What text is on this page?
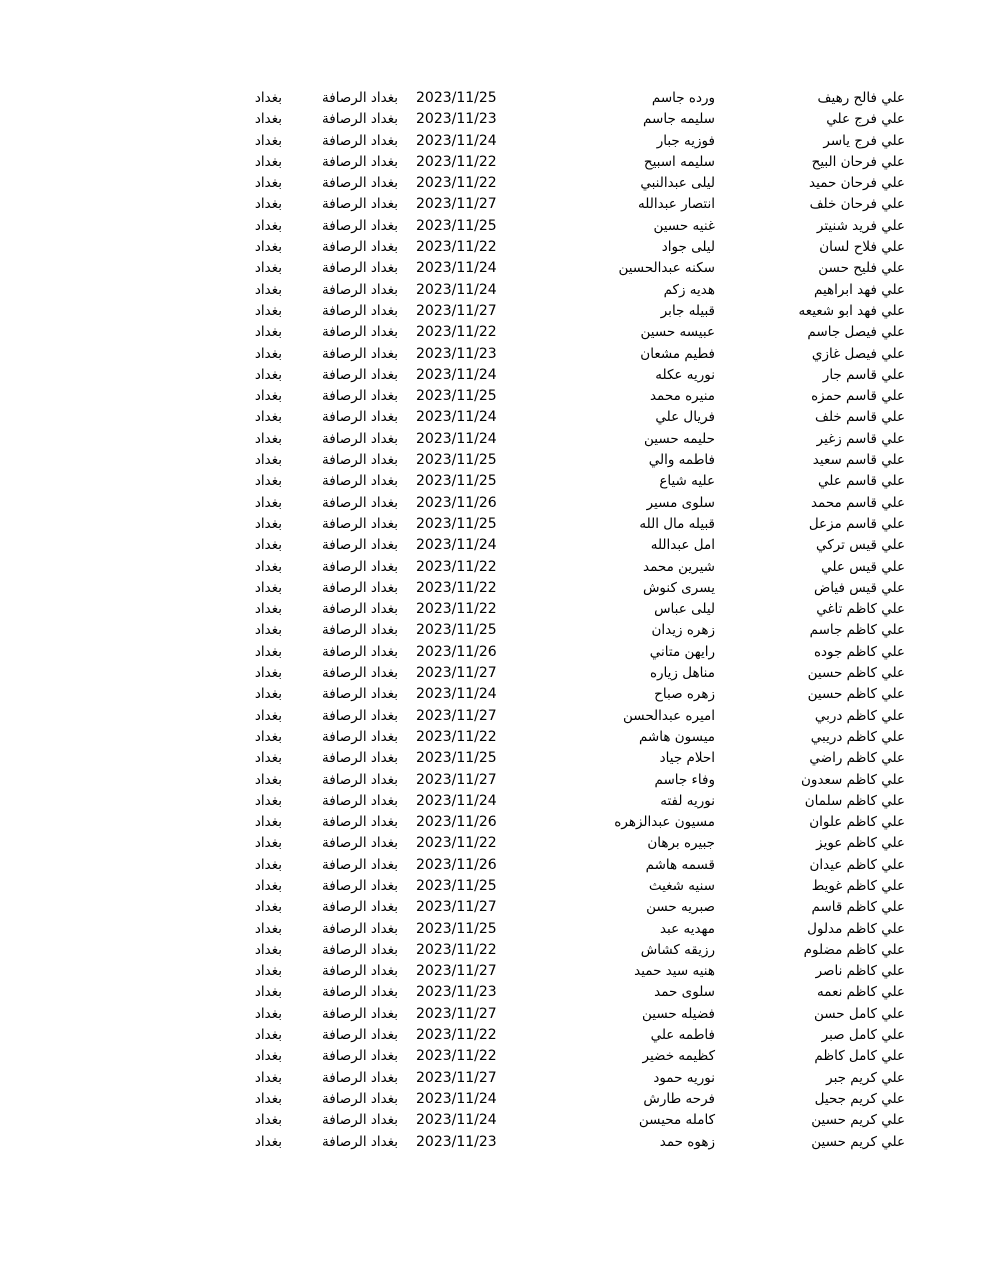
علي فالح رهيف
ورده جاسم
2023/11/25
بغداد الرصافة
بغداد
علي فرج علي
سليمه جاسم
2023/11/23
بغداد الرصافة
بغداد
علي فرج ياسر
فوزيه جبار
2023/11/24
بغداد الرصافة
بغداد
علي فرحان البيح
سليمه اسبيح
2023/11/22
بغداد الرصافة
بغداد
علي فرحان حميد
ليلى عبدالنبي
2023/11/22
بغداد الرصافة
بغداد
علي فرحان خلف
انتصار عبدالله
2023/11/27
بغداد الرصافة
بغداد
علي فريد شنيتر
غنيه حسين
2023/11/25
بغداد الرصافة
بغداد
علي فلاح لسان
ليلى جواد
2023/11/22
بغداد الرصافة
بغداد
علي فليح حسن
سكنه عبدالحسين
2023/11/24
بغداد الرصافة
بغداد
علي فهد ابراهيم
هديه زكم
2023/11/24
بغداد الرصافة
بغداد
علي فهد ابو شعيعه
قبيله جابر
2023/11/27
بغداد الرصافة
بغداد
علي فيصل جاسم
عبيسه حسين
2023/11/22
بغداد الرصافة
بغداد
علي فيصل غازي
فطيم مشعان
2023/11/23
بغداد الرصافة
بغداد
علي قاسم جار
نوريه عكله
2023/11/24
بغداد الرصافة
بغداد
علي قاسم حمزه
منيره محمد
2023/11/25
بغداد الرصافة
بغداد
علي قاسم خلف
فريال علي
2023/11/24
بغداد الرصافة
بغداد
علي قاسم زغير
حليمه حسين
2023/11/24
بغداد الرصافة
بغداد
علي قاسم سعيد
فاطمه والي
2023/11/25
بغداد الرصافة
بغداد
علي قاسم علي
عليه شياع
2023/11/25
بغداد الرصافة
بغداد
علي قاسم محمد
سلوى مسير
2023/11/26
بغداد الرصافة
بغداد
علي قاسم مزعل
قبيله مال الله
2023/11/25
بغداد الرصافة
بغداد
علي قيس تركي
امل عبدالله
2023/11/24
بغداد الرصافة
بغداد
علي قيس علي
شيرين محمد
2023/11/22
بغداد الرصافة
بغداد
علي قيس فياض
يسرى كنوش
2023/11/22
بغداد الرصافة
بغداد
علي كاظم تاغي
ليلى عباس
2023/11/22
بغداد الرصافة
بغداد
علي كاظم جاسم
زهره زيدان
2023/11/25
بغداد الرصافة
بغداد
علي كاظم جوده
رايهن متاني
2023/11/26
بغداد الرصافة
بغداد
علي كاظم حسين
مناهل زياره
2023/11/27
بغداد الرصافة
بغداد
علي كاظم حسين
زهره صباح
2023/11/24
بغداد الرصافة
بغداد
علي كاظم دربي
اميره عبدالحسن
2023/11/27
بغداد الرصافة
بغداد
علي كاظم دريبي
ميسون هاشم
2023/11/22
بغداد الرصافة
بغداد
علي كاظم راضي
احلام جياد
2023/11/25
بغداد الرصافة
بغداد
علي كاظم سعدون
وفاء جاسم
2023/11/27
بغداد الرصافة
بغداد
علي كاظم سلمان
نوريه لفته
2023/11/24
بغداد الرصافة
بغداد
علي كاظم علوان
مسيون عبدالزهره
2023/11/26
بغداد الرصافة
بغداد
علي كاظم عويز
جبيره برهان
2023/11/22
بغداد الرصافة
بغداد
علي كاظم عيدان
قسمه هاشم
2023/11/26
بغداد الرصافة
بغداد
علي كاظم غويط
سنيه شغيث
2023/11/25
بغداد الرصافة
بغداد
علي كاظم قاسم
صبريه حسن
2023/11/27
بغداد الرصافة
بغداد
علي كاظم مدلول
مهديه عبد
2023/11/25
بغداد الرصافة
بغداد
علي كاظم مضلوم
رزيقه كشاش
2023/11/22
بغداد الرصافة
بغداد
علي كاظم ناصر
هنيه سيد حميد
2023/11/27
بغداد الرصافة
بغداد
علي كاظم نعمه
سلوى حمد
2023/11/23
بغداد الرصافة
بغداد
علي كامل حسن
فضيله حسين
2023/11/27
بغداد الرصافة
بغداد
علي كامل صبر
فاطمه علي
2023/11/22
بغداد الرصافة
بغداد
علي كامل كاظم
كظيمه خضير
2023/11/22
بغداد الرصافة
بغداد
علي كريم جبر
نوريه حمود
2023/11/27
بغداد الرصافة
بغداد
علي كريم جحيل
فرحه طارش
2023/11/24
بغداد الرصافة
بغداد
علي كريم حسين
كامله محيسن
2023/11/24
بغداد الرصافة
بغداد
علي كريم حسين
زهوه حمد
2023/11/23
بغداد الرصافة
بغداد
